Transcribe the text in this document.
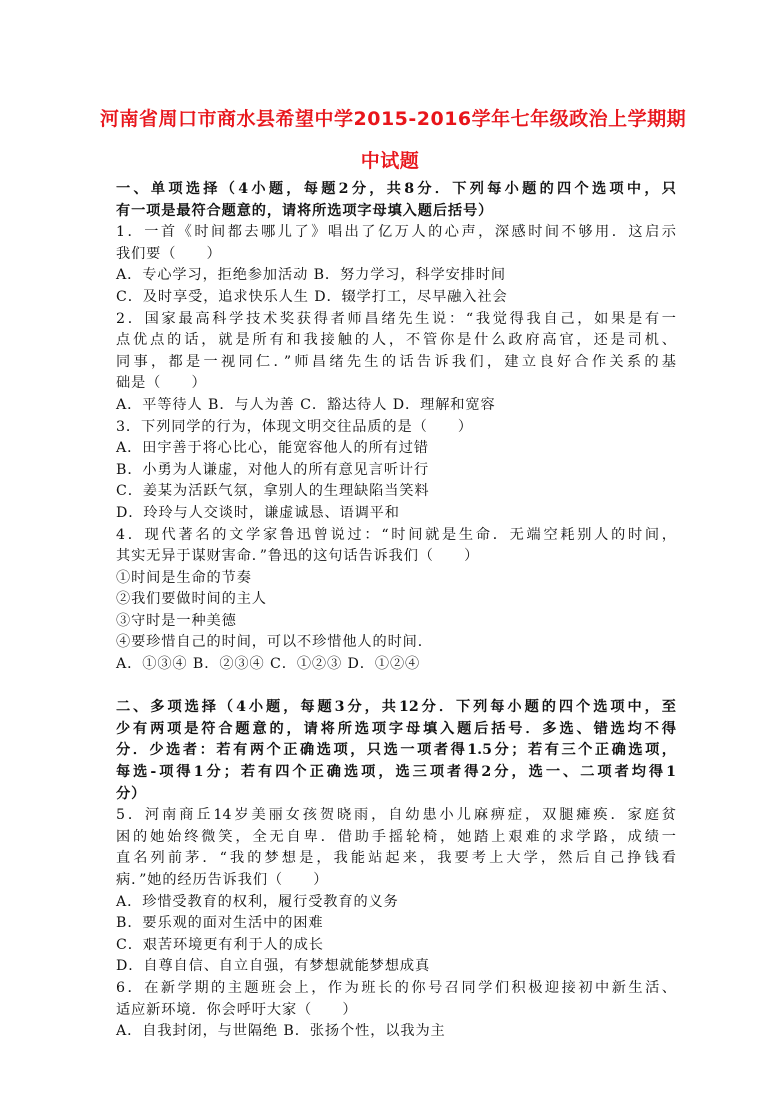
河南省周口市商水县希望中学2015-2016学年七年级政治上学期期
中试题
一、单项选择（4小题，每题2分，共8分．下列每小题的四个选项中，只
有一项是最符合题意的，请将所选项字母填入题后括号）
1．一首《时间都去哪儿了》唱出了亿万人的心声，深感时间不够用．这启示
我们要（　　）
A．专心学习，拒绝参加活动 B．努力学习，科学安排时间
C．及时享受，追求快乐人生 D．辍学打工，尽早融入社会
2．国家最高科学技术奖获得者师昌绪先生说：“我觉得我自己，如果是有一
点优点的话，就是所有和我接触的人，不管你是什么政府高官，还是司机、
同事，都是一视同仁．”师昌绪先生的话告诉我们，建立良好合作关系的基
础是（　　）
A．平等待人 B．与人为善 C．豁达待人 D．理解和宽容
3．下列同学的行为，体现文明交往品质的是（　　）
A．田宇善于将心比心，能宽容他人的所有过错
B．小勇为人谦虚，对他人的所有意见言听计行
C．姜某为活跃气氛，拿别人的生理缺陷当笑料
D．玲玲与人交谈时，谦虚诚恳、语调平和
4．现代著名的文学家鲁迅曾说过：“时间就是生命．无端空耗别人的时间，
其实无异于谋财害命．”鲁迅的这句话告诉我们（　　）
①时间是生命的节奏
②我们要做时间的主人
③守时是一种美德
④要珍惜自己的时间，可以不珍惜他人的时间．
A．①③④ B．②③④ C．①②③ D．①②④
二、多项选择（4小题，每题3分，共12分．下列每小题的四个选项中，至
少有两项是符合题意的，请将所选项字母填入题后括号．多选、错选均不得
分．少选者：若有两个正确选项，只选一项者得1.5分；若有三个正确选项，
每选-项得1分；若有四个正确选项，选三项者得2分，选一、二项者均得1
分）
5．河南商丘14岁美丽女孩贺晓雨，自幼患小儿麻痹症，双腿瘫痪．家庭贫
困的她始终微笑，全无自卑．借助手摇轮椅，她踏上艰难的求学路，成绩一
直名列前茅．“我的梦想是，我能站起来，我要考上大学，然后自己挣钱看
病．”她的经历告诉我们（　　）
A．珍惜受教育的权利，履行受教育的义务
B．要乐观的面对生活中的困难
C．艰苦环境更有利于人的成长
D．自尊自信、自立自强，有梦想就能梦想成真
6．在新学期的主题班会上，作为班长的你号召同学们积极迎接初中新生活、
适应新环境．你会呼吁大家（　　）
A．自我封闭，与世隔绝 B．张扬个性，以我为主
